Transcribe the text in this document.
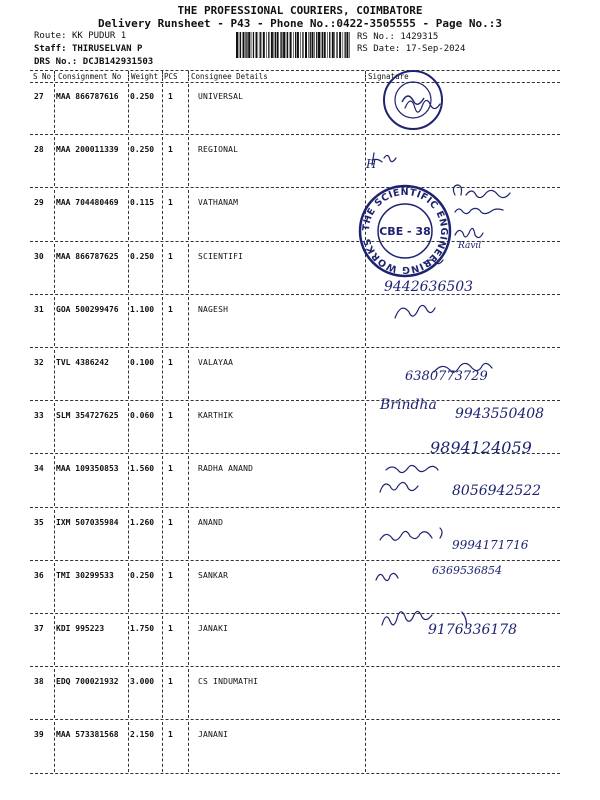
THE PROFESSIONAL COURIERS, COIMBATORE
Delivery Runsheet - P43 - Phone No.:0422-3505555 - Page No.:3
Route: KK PUDUR 1
Staff: THIRUSELVAN P
DRS No.: DCJB142931503
RS No.: 1429315
RS Date: 17-Sep-2024
S No Consignment No Weight PCS Consignee Details	Signature
27 MAA 866787616 0.250 1	UNIVERSAL
28 MAA 200011339 0.250 1	REGIONAL
29 MAA 704480469 0.115 1	VATHANAM
30 MAA 866787625 0.250 1	SCIENTIFI
31 GOA 500299476 1.100 1	NAGESH
32 TVL 4386242	0.100 1	VALAYAA
33 SLM 354727625 0.060 1	KARTHIK
34 MAA 109350853 1.560 1	RADHA ANAND
35 IXM 507035984 1.260 1	ANAND
36 TMI 30299533 0.250 1	SANKAR
37 KDI 995223	1.750 1	JANAKI
38 EDQ 700021932 3.000 1	CS INDUMATHI
39 MAA 573381568 2.150 1	JANANI
H
Ravil
9442636503
6380773729
Brindha
9943550408
9894124059
8056942522
9994171716
6369536854
9176336178
THE SCIENTIFIC ENGINEERING WORKS
CBE - 38
